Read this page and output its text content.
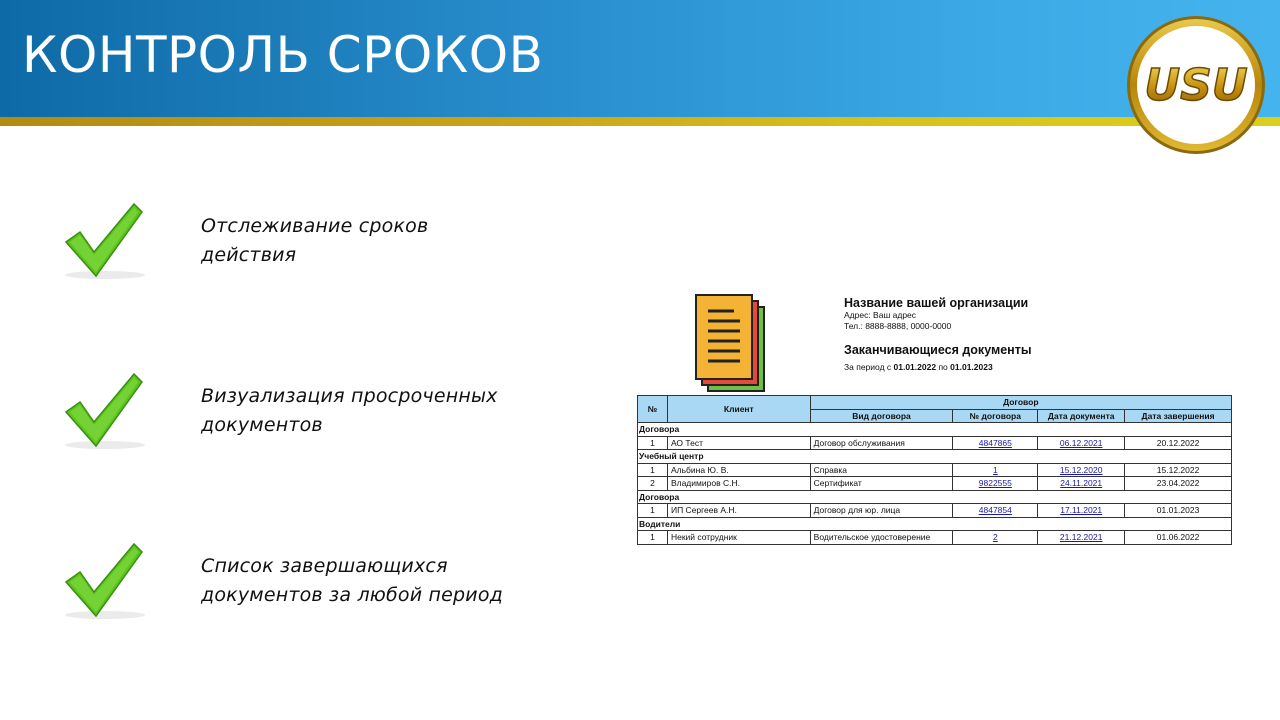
КОНТРОЛЬ СРОКОВ
USU
Отслеживание сроков
действия
Визуализация просроченных
документов
Список завершающихся
документов за любой период
Название вашей организации
Адрес: Ваш адрес
Тел.: 8888-8888, 0000-0000
Заканчивающиеся документы
За период с 01.01.2022 по 01.01.2023
№	Клиент	Договор			
		Вид договора	№ договора	Дата документа	Дата завершения
Договора					
1	АО Тест	Договор обслуживания	4847865	06.12.2021	20.12.2022
Учебный центр					
1	Альбина Ю. В.	Справка	1	15.12.2020	15.12.2022
2	Владимиров С.Н.	Сертификат	9822555	24.11.2021	23.04.2022
Договора					
1	ИП Сергеев А.Н.	Договор для юр. лица	4847854	17.11.2021	01.01.2023
Водители					
1	Некий сотрудник	Водительское удостоверение	2	21.12.2021	01.06.2022
